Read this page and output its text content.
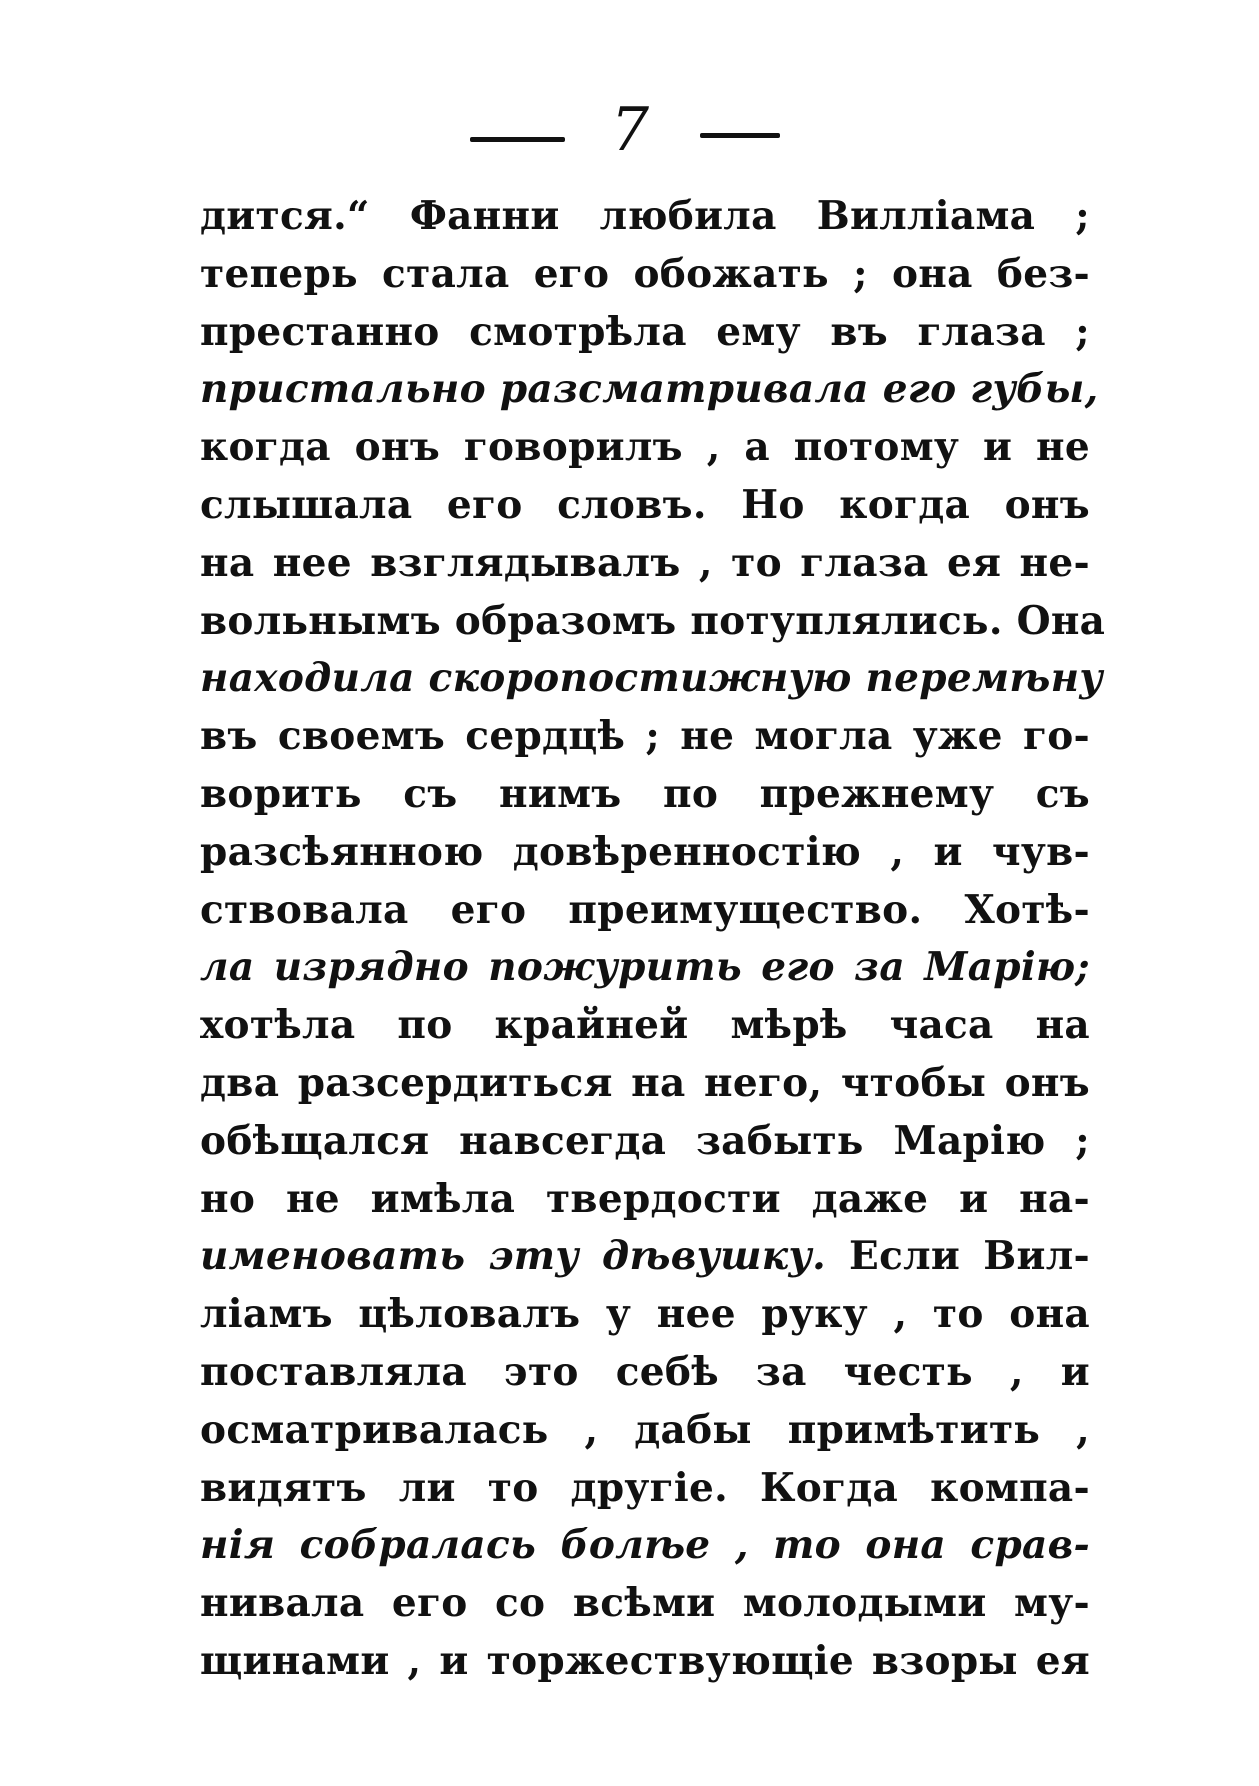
7
дится.“ Фанни любила Вилліама ;
теперь стала его обожать ; она без-
престанно смотрѣла ему въ глаза ;
пристально разсматривала его губы,
когда онъ говорилъ , а потому и не
слышала его словъ. Но когда онъ
на нее взглядывалъ , то глаза ея не-
вольнымъ образомъ потуплялись. Она
находила скоропостижную перемѣну
въ своемъ сердцѣ ; не могла уже го-
ворить съ нимъ по прежнему съ
разсѣянною довѣренностію , и чув-
ствовала его преимущество. Хотѣ-
ла изрядно пожурить его за Марію;
хотѣла по крайней мѣрѣ часа на
два разсердиться на него, чтобы онъ
обѣщался навсегда забыть Марію ;
но не имѣла твердости даже и на-
именовать эту дѣвушку. Если Вил-
ліамъ цѣловалъ у нее руку , то она
поставляла это себѣ за честь , и
осматривалась , дабы примѣтить ,
видятъ ли то другіе. Когда компа-
нія собралась болѣе , то она срав-
нивала его со всѣми молодыми му-
щинами , и торжествующіе взоры ея
